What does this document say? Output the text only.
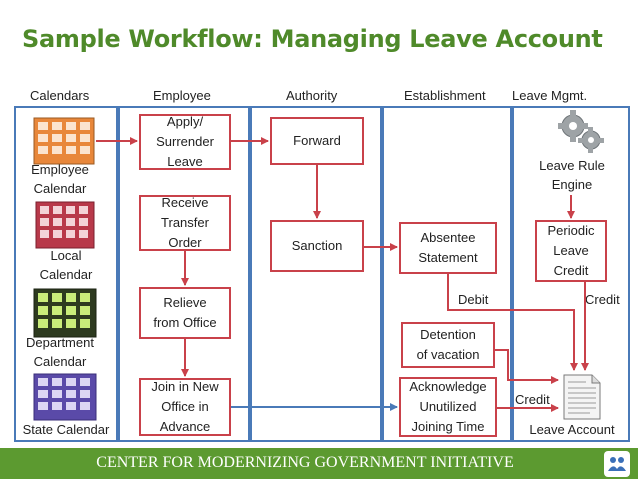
Sample Workflow: Managing Leave Account
Calendars	Employee	Authority	Establishment Leave Mgmt.
Employee
Calendar
Local
Calendar
Department
Calendar
State Calendar
Apply/
Surrender
Leave
Receive
Transfer
Order
Relieve
from Office
Join in New
Office in
Advance
Forward
Sanction
Absentee
Statement
Detention
of vacation
Acknowledge
Unutilized
Joining Time
Leave Rule
Engine
Periodic
Leave
Credit
Leave Account
Debit	Credit
Credit
CENTER FOR MODERNIZING GOVERNMENT INITIATIVE
